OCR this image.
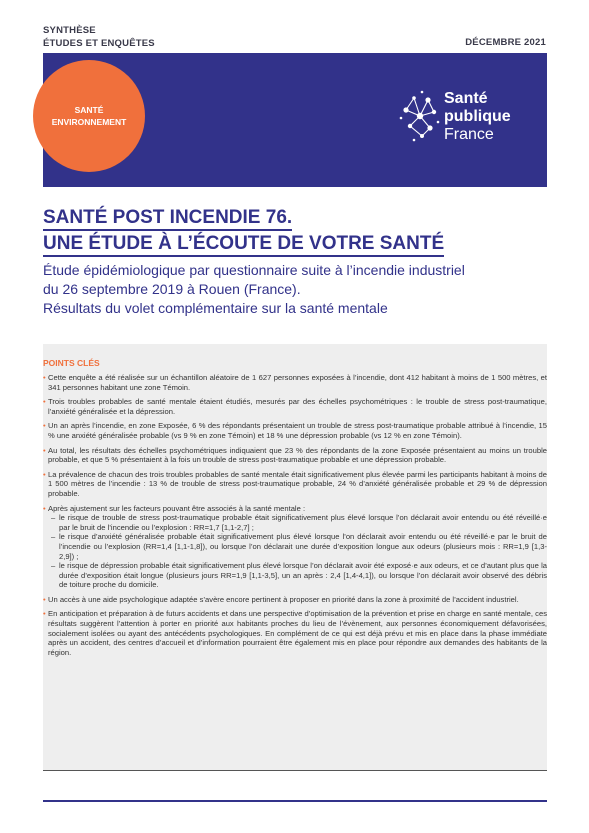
SYNTHÈSE
ÉTUDES ET ENQUÊTES	DÉCEMBRE 2021
SANTÉ
ENVIRONNEMENT
Santé
publique
France
SANTÉ POST INCENDIE 76.
UNE ÉTUDE À L’ÉCOUTE DE VOTRE SANTÉ
Étude épidémiologique par questionnaire suite à l’incendie industriel
du 26 septembre 2019 à Rouen (France).
Résultats du volet complémentaire sur la santé mentale
POINTS CLÉS
• Cette enquête a été réalisée sur un échantillon aléatoire de 1 627 personnes exposées à l’incendie, dont 412 habitant à moins de 1 500 mètres, et 341 personnes habitant une zone Témoin.
• Trois troubles probables de santé mentale étaient étudiés, mesurés par des échelles psychométriques : le trouble de stress post-traumatique, l’anxiété généralisée et la dépression.
• Un an après l’incendie, en zone Exposée, 6 % des répondants présentaient un trouble de stress post-traumatique probable attribué à l’incendie, 15 % une anxiété généralisée probable (vs 9 % en zone Témoin) et 18 % une dépression probable (vs 12 % en zone Témoin).
• Au total, les résultats des échelles psychométriques indiquaient que 23 % des répondants de la zone Exposée présentaient au moins un trouble probable, et que 5 % présentaient à la fois un trouble de stress post-traumatique probable et une dépression probable.
• La prévalence de chacun des trois troubles probables de santé mentale était significativement plus élevée parmi les participants habitant à moins de 1 500 mètres de l’incendie : 13 % de trouble de stress post-traumatique probable, 24 % d’anxiété généralisée probable et 29 % de dépression probable.
• Après ajustement sur les facteurs pouvant être associés à la santé mentale :
– le risque de trouble de stress post-traumatique probable était significativement plus élevé lorsque l’on déclarait avoir entendu ou été réveillé·e par le bruit de l’incendie ou l’explosion : RR=1,7 [1,1-2,7] ;
– le risque d’anxiété généralisée probable était significativement plus élevé lorsque l’on déclarait avoir entendu ou été réveillé·e par le bruit de l’incendie ou l’explosion (RR=1,4 [1,1-1,8]), ou lorsque l’on déclarait une durée d’exposition longue aux odeurs (plusieurs mois : RR=1,9 [1,3-2,9]) ;
– le risque de dépression probable était significativement plus élevé lorsque l’on déclarait avoir été exposé·e aux odeurs, et ce d’autant plus que la durée d’exposition était longue (plusieurs jours RR=1,9 [1,1-3,5], un an après : 2,4 [1,4-4,1]), ou lorsque l’on déclarait avoir observé des débris de toiture proche du domicile.
• Un accès à une aide psychologique adaptée s’avère encore pertinent à proposer en priorité dans la zone à proximité de l’accident industriel.
• En anticipation et préparation à de futurs accidents et dans une perspective d’optimisation de la prévention et prise en charge en santé mentale, ces résultats suggèrent l’attention à porter en priorité aux habitants proches du lieu de l’évènement, aux personnes économiquement défavorisées, socialement isolées ou ayant des antécédents psychologiques. En complément de ce qui est déjà prévu et mis en place dans la phase immédiate après un accident, des centres d’accueil et d’information pourraient être également mis en place pour répondre aux demandes des habitants de la région.
